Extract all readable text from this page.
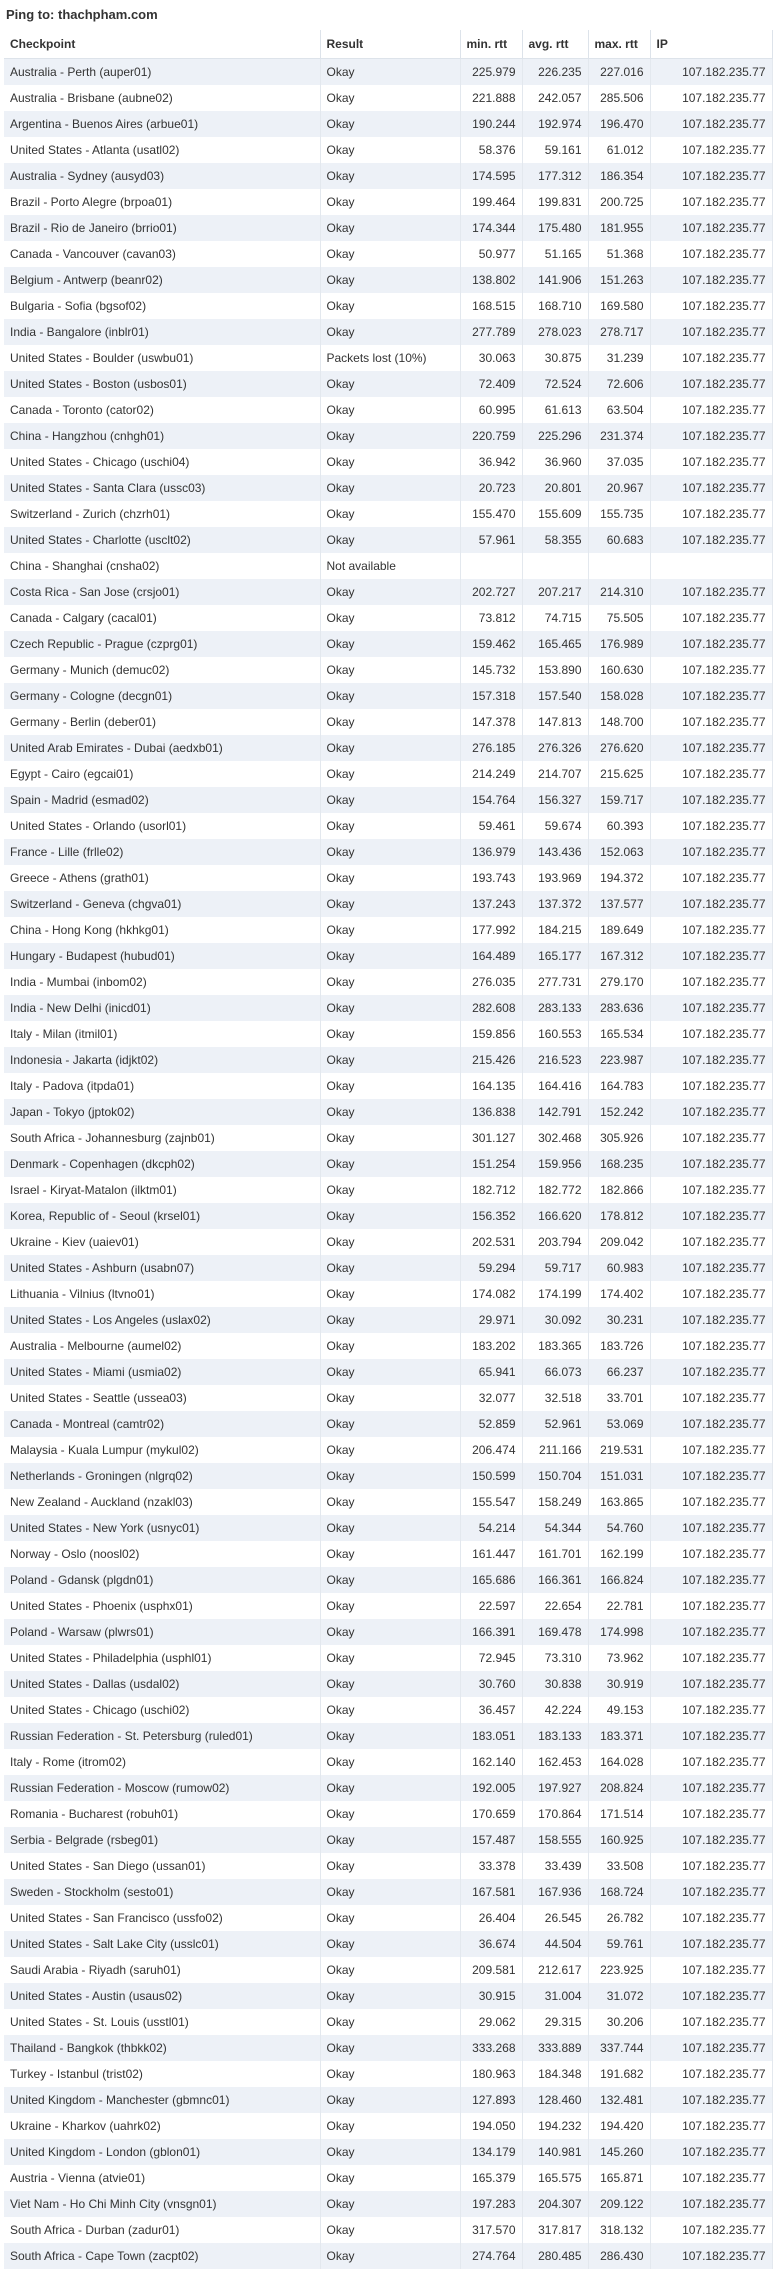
Ping to: thachpham.com
Checkpoint	Result	min. rtt	avg. rtt	max. rtt	IP
Australia - Perth (auper01)	Okay	225.979	226.235	227.016	107.182.235.77
Australia - Brisbane (aubne02)	Okay	221.888	242.057	285.506	107.182.235.77
Argentina - Buenos Aires (arbue01)	Okay	190.244	192.974	196.470	107.182.235.77
United States - Atlanta (usatl02)	Okay	58.376	59.161	61.012	107.182.235.77
Australia - Sydney (ausyd03)	Okay	174.595	177.312	186.354	107.182.235.77
Brazil - Porto Alegre (brpoa01)	Okay	199.464	199.831	200.725	107.182.235.77
Brazil - Rio de Janeiro (brrio01)	Okay	174.344	175.480	181.955	107.182.235.77
Canada - Vancouver (cavan03)	Okay	50.977	51.165	51.368	107.182.235.77
Belgium - Antwerp (beanr02)	Okay	138.802	141.906	151.263	107.182.235.77
Bulgaria - Sofia (bgsof02)	Okay	168.515	168.710	169.580	107.182.235.77
India - Bangalore (inblr01)	Okay	277.789	278.023	278.717	107.182.235.77
United States - Boulder (uswbu01)	Packets lost (10%)	30.063	30.875	31.239	107.182.235.77
United States - Boston (usbos01)	Okay	72.409	72.524	72.606	107.182.235.77
Canada - Toronto (cator02)	Okay	60.995	61.613	63.504	107.182.235.77
China - Hangzhou (cnhgh01)	Okay	220.759	225.296	231.374	107.182.235.77
United States - Chicago (uschi04)	Okay	36.942	36.960	37.035	107.182.235.77
United States - Santa Clara (ussc03)	Okay	20.723	20.801	20.967	107.182.235.77
Switzerland - Zurich (chzrh01)	Okay	155.470	155.609	155.735	107.182.235.77
United States - Charlotte (usclt02)	Okay	57.961	58.355	60.683	107.182.235.77
China - Shanghai (cnsha02)	Not available				
Costa Rica - San Jose (crsjo01)	Okay	202.727	207.217	214.310	107.182.235.77
Canada - Calgary (cacal01)	Okay	73.812	74.715	75.505	107.182.235.77
Czech Republic - Prague (czprg01)	Okay	159.462	165.465	176.989	107.182.235.77
Germany - Munich (demuc02)	Okay	145.732	153.890	160.630	107.182.235.77
Germany - Cologne (decgn01)	Okay	157.318	157.540	158.028	107.182.235.77
Germany - Berlin (deber01)	Okay	147.378	147.813	148.700	107.182.235.77
United Arab Emirates - Dubai (aedxb01)	Okay	276.185	276.326	276.620	107.182.235.77
Egypt - Cairo (egcai01)	Okay	214.249	214.707	215.625	107.182.235.77
Spain - Madrid (esmad02)	Okay	154.764	156.327	159.717	107.182.235.77
United States - Orlando (usorl01)	Okay	59.461	59.674	60.393	107.182.235.77
France - Lille (frlle02)	Okay	136.979	143.436	152.063	107.182.235.77
Greece - Athens (grath01)	Okay	193.743	193.969	194.372	107.182.235.77
Switzerland - Geneva (chgva01)	Okay	137.243	137.372	137.577	107.182.235.77
China - Hong Kong (hkhkg01)	Okay	177.992	184.215	189.649	107.182.235.77
Hungary - Budapest (hubud01)	Okay	164.489	165.177	167.312	107.182.235.77
India - Mumbai (inbom02)	Okay	276.035	277.731	279.170	107.182.235.77
India - New Delhi (inicd01)	Okay	282.608	283.133	283.636	107.182.235.77
Italy - Milan (itmil01)	Okay	159.856	160.553	165.534	107.182.235.77
Indonesia - Jakarta (idjkt02)	Okay	215.426	216.523	223.987	107.182.235.77
Italy - Padova (itpda01)	Okay	164.135	164.416	164.783	107.182.235.77
Japan - Tokyo (jptok02)	Okay	136.838	142.791	152.242	107.182.235.77
South Africa - Johannesburg (zajnb01)	Okay	301.127	302.468	305.926	107.182.235.77
Denmark - Copenhagen (dkcph02)	Okay	151.254	159.956	168.235	107.182.235.77
Israel - Kiryat-Matalon (ilktm01)	Okay	182.712	182.772	182.866	107.182.235.77
Korea, Republic of - Seoul (krsel01)	Okay	156.352	166.620	178.812	107.182.235.77
Ukraine - Kiev (uaiev01)	Okay	202.531	203.794	209.042	107.182.235.77
United States - Ashburn (usabn07)	Okay	59.294	59.717	60.983	107.182.235.77
Lithuania - Vilnius (ltvno01)	Okay	174.082	174.199	174.402	107.182.235.77
United States - Los Angeles (uslax02)	Okay	29.971	30.092	30.231	107.182.235.77
Australia - Melbourne (aumel02)	Okay	183.202	183.365	183.726	107.182.235.77
United States - Miami (usmia02)	Okay	65.941	66.073	66.237	107.182.235.77
United States - Seattle (ussea03)	Okay	32.077	32.518	33.701	107.182.235.77
Canada - Montreal (camtr02)	Okay	52.859	52.961	53.069	107.182.235.77
Malaysia - Kuala Lumpur (mykul02)	Okay	206.474	211.166	219.531	107.182.235.77
Netherlands - Groningen (nlgrq02)	Okay	150.599	150.704	151.031	107.182.235.77
New Zealand - Auckland (nzakl03)	Okay	155.547	158.249	163.865	107.182.235.77
United States - New York (usnyc01)	Okay	54.214	54.344	54.760	107.182.235.77
Norway - Oslo (noosl02)	Okay	161.447	161.701	162.199	107.182.235.77
Poland - Gdansk (plgdn01)	Okay	165.686	166.361	166.824	107.182.235.77
United States - Phoenix (usphx01)	Okay	22.597	22.654	22.781	107.182.235.77
Poland - Warsaw (plwrs01)	Okay	166.391	169.478	174.998	107.182.235.77
United States - Philadelphia (usphl01)	Okay	72.945	73.310	73.962	107.182.235.77
United States - Dallas (usdal02)	Okay	30.760	30.838	30.919	107.182.235.77
United States - Chicago (uschi02)	Okay	36.457	42.224	49.153	107.182.235.77
Russian Federation - St. Petersburg (ruled01)	Okay	183.051	183.133	183.371	107.182.235.77
Italy - Rome (itrom02)	Okay	162.140	162.453	164.028	107.182.235.77
Russian Federation - Moscow (rumow02)	Okay	192.005	197.927	208.824	107.182.235.77
Romania - Bucharest (robuh01)	Okay	170.659	170.864	171.514	107.182.235.77
Serbia - Belgrade (rsbeg01)	Okay	157.487	158.555	160.925	107.182.235.77
United States - San Diego (ussan01)	Okay	33.378	33.439	33.508	107.182.235.77
Sweden - Stockholm (sesto01)	Okay	167.581	167.936	168.724	107.182.235.77
United States - San Francisco (ussfo02)	Okay	26.404	26.545	26.782	107.182.235.77
United States - Salt Lake City (usslc01)	Okay	36.674	44.504	59.761	107.182.235.77
Saudi Arabia - Riyadh (saruh01)	Okay	209.581	212.617	223.925	107.182.235.77
United States - Austin (usaus02)	Okay	30.915	31.004	31.072	107.182.235.77
United States - St. Louis (usstl01)	Okay	29.062	29.315	30.206	107.182.235.77
Thailand - Bangkok (thbkk02)	Okay	333.268	333.889	337.744	107.182.235.77
Turkey - Istanbul (trist02)	Okay	180.963	184.348	191.682	107.182.235.77
United Kingdom - Manchester (gbmnc01)	Okay	127.893	128.460	132.481	107.182.235.77
Ukraine - Kharkov (uahrk02)	Okay	194.050	194.232	194.420	107.182.235.77
United Kingdom - London (gblon01)	Okay	134.179	140.981	145.260	107.182.235.77
Austria - Vienna (atvie01)	Okay	165.379	165.575	165.871	107.182.235.77
Viet Nam - Ho Chi Minh City (vnsgn01)	Okay	197.283	204.307	209.122	107.182.235.77
South Africa - Durban (zadur01)	Okay	317.570	317.817	318.132	107.182.235.77
South Africa - Cape Town (zacpt02)	Okay	274.764	280.485	286.430	107.182.235.77
